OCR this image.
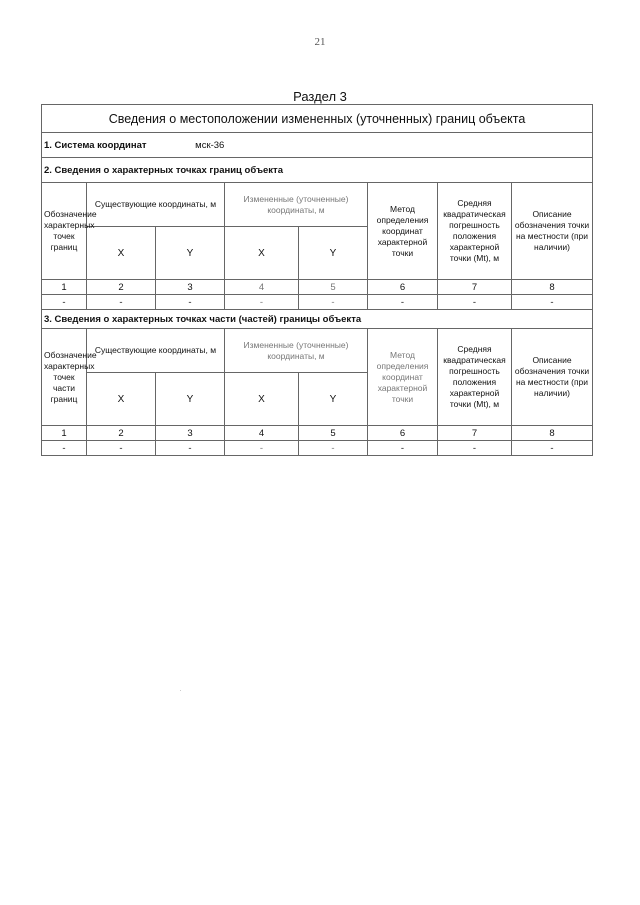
21
Раздел 3
Сведения о местоположении измененных (уточненных) границ объекта							
1. Система координат мск-36							
2. Сведения о характерных точках границ объекта							
Обозначение характерных точек границ	Существующие координаты, м		Измененные (уточненные) координаты, м		Метод определения координат характерной точки	Средняя квадратическая погрешность положения характерной точки (Mt), м	Описание обозначения точки на местности (при наличии)
	X	Y	X	Y			
1	2	3	4	5	6	7	8
-	-	-	-	-	-	-	-
3. Сведения о характерных точках части (частей) границы объекта							
Обозначение характерных точек части границ	Существующие координаты, м		Измененные (уточненные) координаты, м		Метод определения координат характерной точки	Средняя квадратическая погрешность положения характерной точки (Mt), м	Описание обозначения точки на местности (при наличии)
	X	Y	X	Y			
1	2	3	4	5	6	7	8
-	-	-	-	-	-	-	-
